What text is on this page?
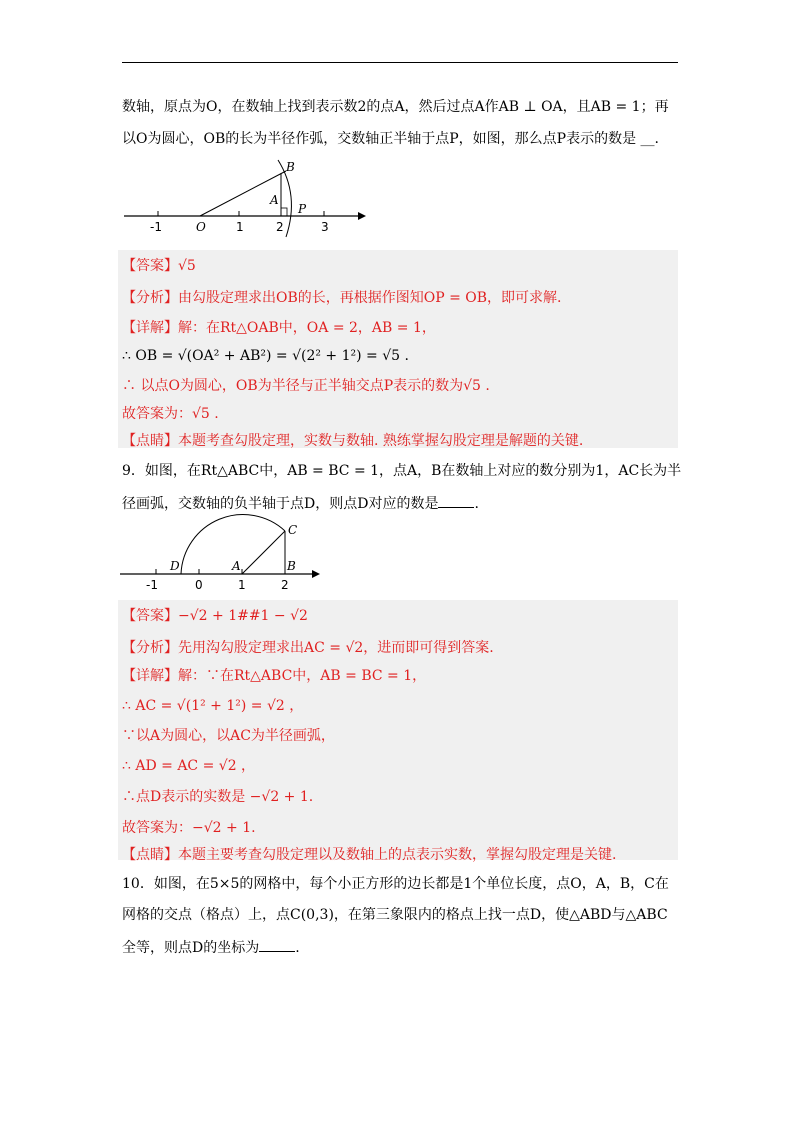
数轴，原点为O，在数轴上找到表示数2的点A，然后过点A作AB ⊥ OA，且AB = 1；再
以O为圆心，OB的长为半径作弧，交数轴正半轴于点P，如图，那么点P表示的数是 __.
-1	O	1	2	3
B
A
P
【答案】√5
【分析】由勾股定理求出OB的长，再根据作图知OP = OB，即可求解.
【详解】解：在Rt△OAB中，OA = 2，AB = 1，
∴ OB = √(OA² + AB²) = √(2² + 1²) = √5 .
∴ 以点O为圆心，OB为半径与正半轴交点P表示的数为√5 .
故答案为：√5 .
【点睛】本题考查勾股定理，实数与数轴. 熟练掌握勾股定理是解题的关键.
9．如图，在Rt△ABC中，AB = BC = 1，点A，B在数轴上对应的数分别为1，AC长为半
径画弧，交数轴的负半轴于点D，则点D对应的数是	.
-1	0	1	2
D	A
C
B
【答案】−√2 + 1##1 − √2
【分析】先用沟勾股定理求出AC = √2，进而即可得到答案.
【详解】解：∵在Rt△ABC中，AB = BC = 1，
∴ AC = √(1² + 1²) = √2 ，
∵以A为圆心，以AC为半径画弧，
∴ AD = AC = √2 ，
∴点D表示的实数是 −√2 + 1.
故答案为：−√2 + 1.
【点睛】本题主要考查勾股定理以及数轴上的点表示实数，掌握勾股定理是关键.
10．如图，在5×5的网格中，每个小正方形的边长都是1个单位长度，点O，A，B，C在
网格的交点（格点）上，点C(0,3)，在第三象限内的格点上找一点D，使△ABD与△ABC
全等，则点D的坐标为	.
